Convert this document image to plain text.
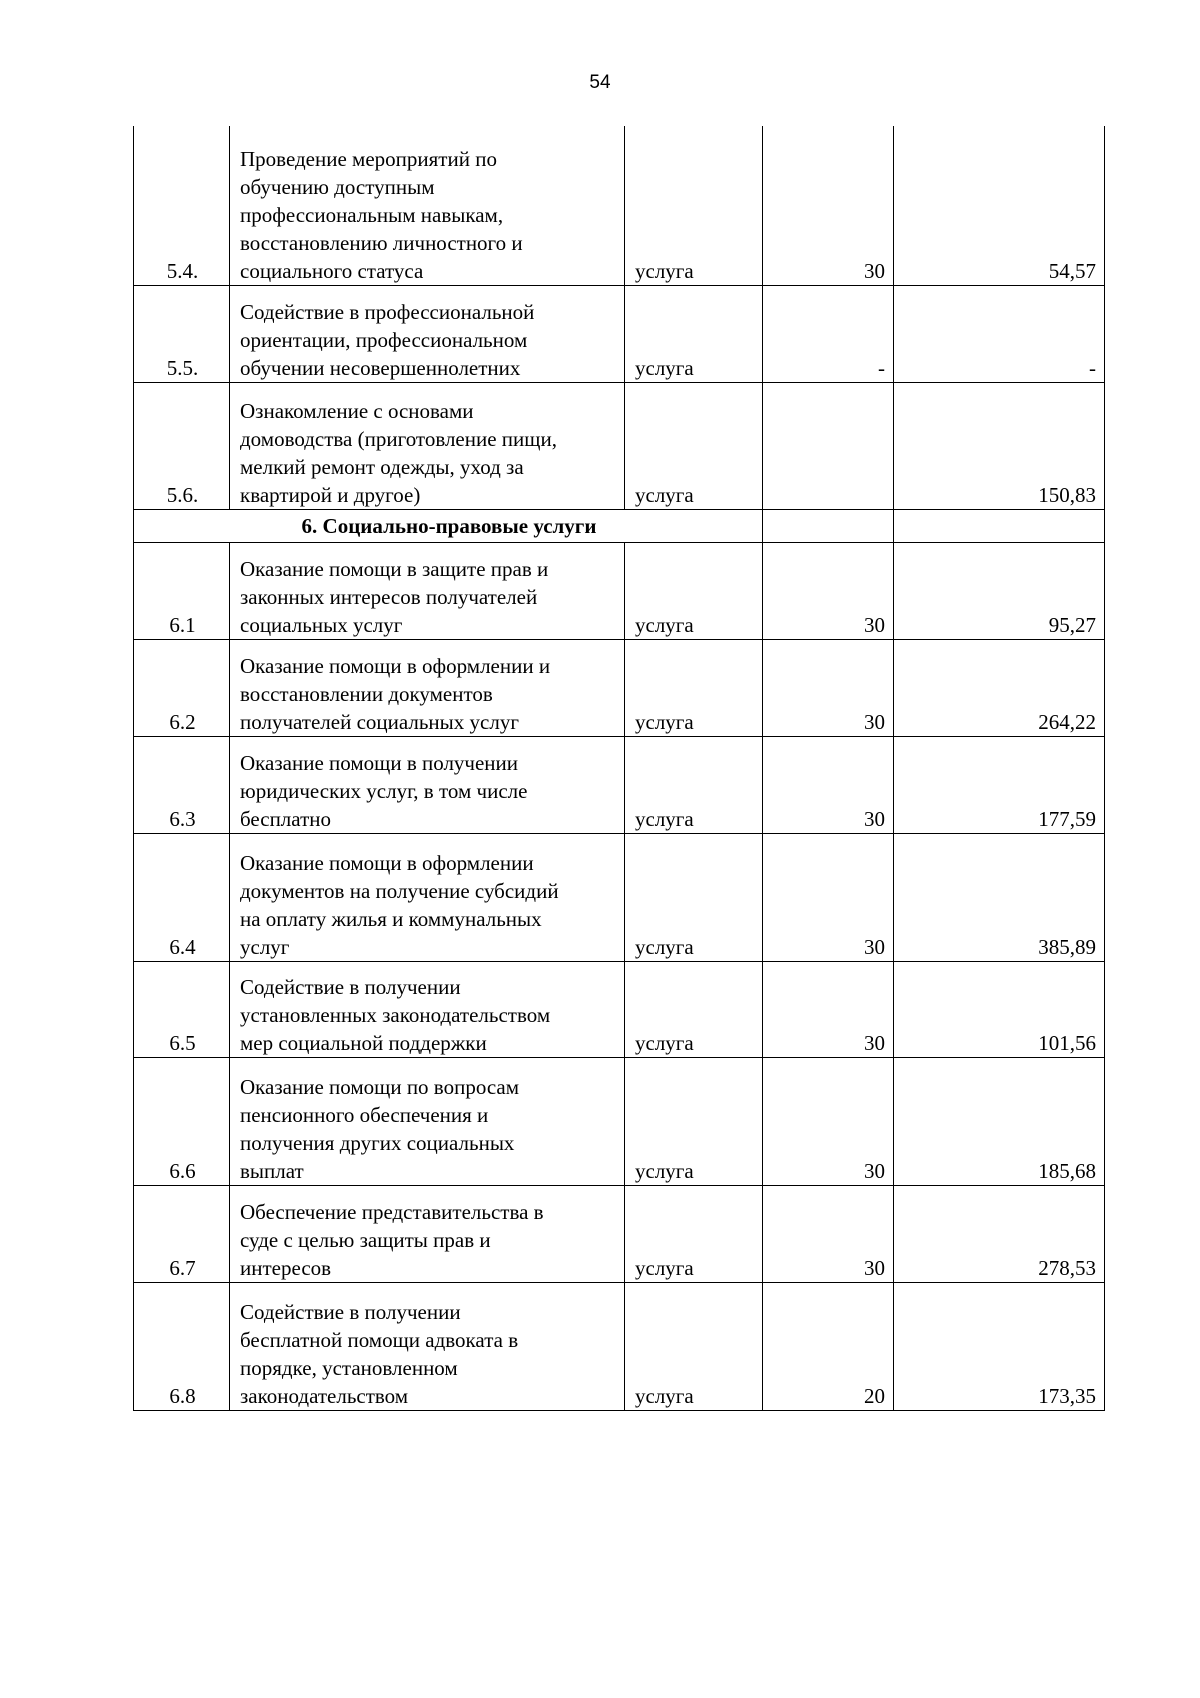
54
5.4.	Проведение мероприятий по
обучению доступным
профессиональным навыкам,
восстановлению личностного и
социального статуса	услуга	30	54,57
5.5.	Содействие в профессиональной
ориентации, профессиональном
обучении несовершеннолетних	услуга	-	-
5.6.	Ознакомление с основами
домоводства (приготовление пищи,
мелкий ремонт одежды, уход за
квартирой и другое)	услуга		150,83
6. Социально-правовые услуги				
6.1	Оказание помощи в защите прав и
законных интересов получателей
социальных услуг	услуга	30	95,27
6.2	Оказание помощи в оформлении и
восстановлении документов
получателей социальных услуг	услуга	30	264,22
6.3	Оказание помощи в получении
юридических услуг, в том числе
бесплатно	услуга	30	177,59
6.4	Оказание помощи в оформлении
документов на получение субсидий
на оплату жилья и коммунальных
услуг	услуга	30	385,89
6.5	Содействие в получении
установленных законодательством
мер социальной поддержки	услуга	30	101,56
6.6	Оказание помощи по вопросам
пенсионного обеспечения и
получения других социальных
выплат	услуга	30	185,68
6.7	Обеспечение представительства в
суде с целью защиты прав и
интересов	услуга	30	278,53
6.8	Содействие в получении
бесплатной помощи адвоката в
порядке, установленном
законодательством	услуга	20	173,35
